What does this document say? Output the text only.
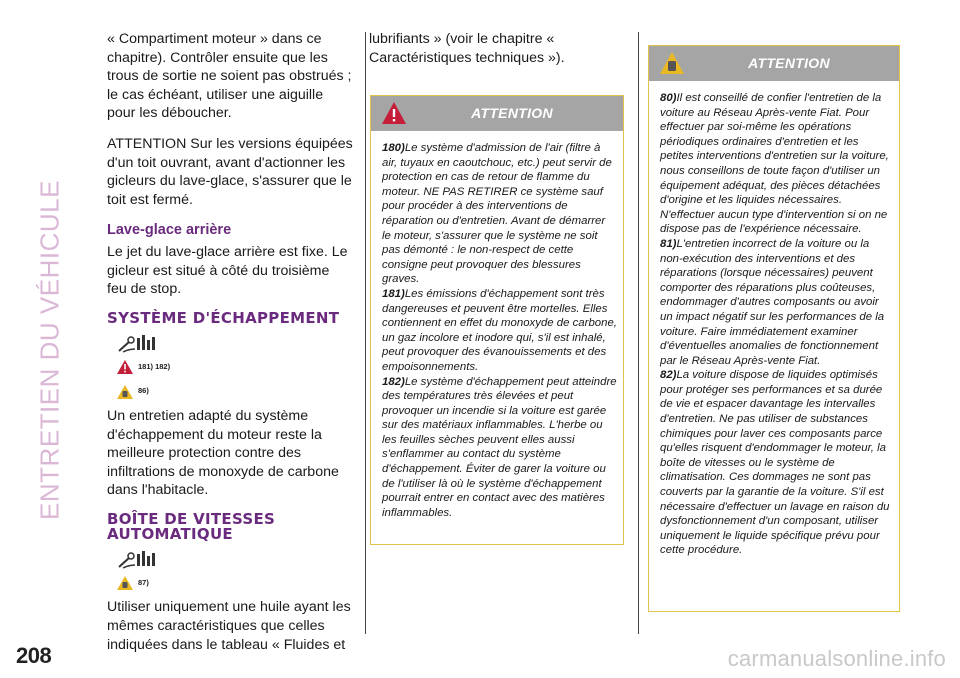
ENTRETIEN DU VÉHICULE

« Compartiment moteur » dans ce chapitre). Contrôler ensuite que les trous de sortie ne soient pas obstrués ; le cas échéant, utiliser une aiguille pour les déboucher.

ATTENTION Sur les versions équipées d'un toit ouvrant, avant d'actionner les gicleurs du lave-glace, s'assurer que le toit est fermé.

Lave-glace arrière

Le jet du lave-glace arrière est fixe. Le gicleur est situé à côté du troisième feu de stop.

SYSTÈME D'ÉCHAPPEMENT
181) 182)
86)

Un entretien adapté du système d'échappement du moteur reste la meilleure protection contre des infiltrations de monoxyde de carbone dans l'habitacle.

BOÎTE DE VITESSES AUTOMATIQUE
87)

Utiliser uniquement une huile ayant les mêmes caractéristiques que celles indiquées dans le tableau « Fluides et

lubrifiants » (voir le chapitre « Caractéristiques techniques »).

ATTENTION

180)Le système d'admission de l'air (filtre à air, tuyaux en caoutchouc, etc.) peut servir de protection en cas de retour de flamme du moteur. NE PAS RETIRER ce système sauf pour procéder à des interventions de réparation ou d'entretien. Avant de démarrer le moteur, s'assurer que le système ne soit pas démonté : le non-respect de cette consigne peut provoquer des blessures graves.

181)Les émissions d'échappement sont très dangereuses et peuvent être mortelles. Elles contiennent en effet du monoxyde de carbone, un gaz incolore et inodore qui, s'il est inhalé, peut provoquer des évanouissements et des empoisonnements.

182)Le système d'échappement peut atteindre des températures très élevées et peut provoquer un incendie si la voiture est garée sur des matériaux inflammables. L'herbe ou les feuilles sèches peuvent elles aussi s'enflammer au contact du système d'échappement. Éviter de garer la voiture ou de l'utiliser là où le système d'échappement pourrait entrer en contact avec des matières inflammables.

ATTENTION

80)Il est conseillé de confier l'entretien de la voiture au Réseau Après-vente Fiat. Pour effectuer par soi-même les opérations périodiques ordinaires d'entretien et les petites interventions d'entretien sur la voiture, nous conseillons de toute façon d'utiliser un équipement adéquat, des pièces détachées d'origine et les liquides nécessaires. N'effectuer aucun type d'intervention si on ne dispose pas de l'expérience nécessaire.

81)L'entretien incorrect de la voiture ou la non-exécution des interventions et des réparations (lorsque nécessaires) peuvent comporter des réparations plus coûteuses, endommager d'autres composants ou avoir un impact négatif sur les performances de la voiture. Faire immédiatement examiner d'éventuelles anomalies de fonctionnement par le Réseau Après-vente Fiat.

82)La voiture dispose de liquides optimisés pour protéger ses performances et sa durée de vie et espacer davantage les intervalles d'entretien. Ne pas utiliser de substances chimiques pour laver ces composants parce qu'elles risquent d'endommager le moteur, la boîte de vitesses ou le système de climatisation. Ces dommages ne sont pas couverts par la garantie de la voiture. S'il est nécessaire d'effectuer un lavage en raison du dysfonctionnement d'un composant, utiliser uniquement le liquide spécifique prévu pour cette procédure.

208	carmanualsonline.info
